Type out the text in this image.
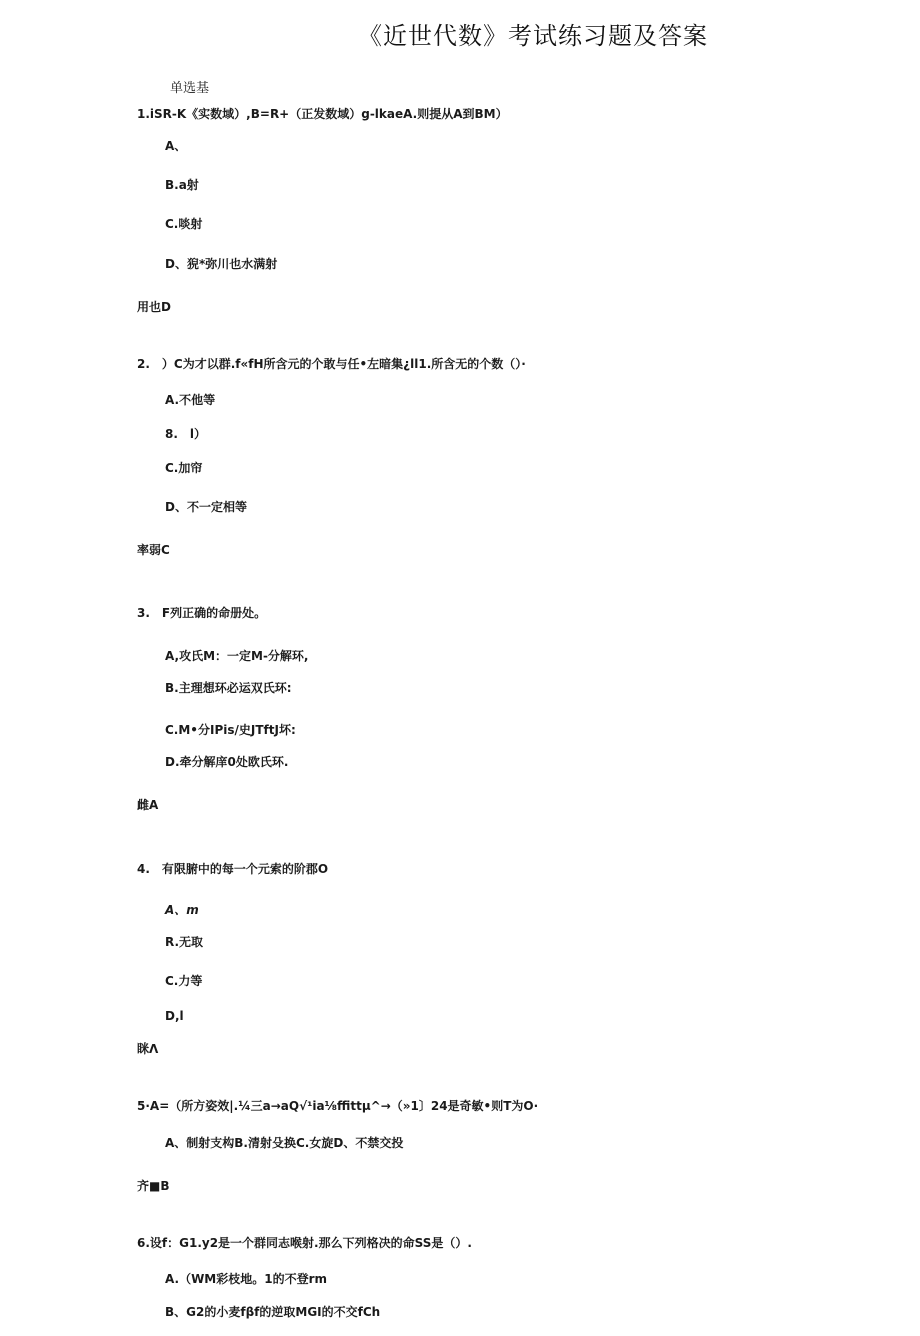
《近世代数》考试练习题及答案
单选基
1.iSR-K《实数域）,B=R+（正发数域）g-lkaeA.则提从A到BM）
A、
B.a射
C.啖射
D、猊*弥川也水满射
用也D
2.　）C为才以群.f«fH所含元的个敢与任•左暗集¿ll1.所含无的个数（）·
A.不他等
8.　l）
C.加帘
D、不一定相等
率弱C
3.　F列正确的命册处。
A,攻氏M：一定M-分解环,
B.主理想环必运双氏环:
C.M•分IPis/史JTftJ坏:
D.牵分解庠0处欧氏环.
雌A
4.　有限腑中的每一个元索的阶郡O
A、m
R.无取
C.力等
D,l
眯Λ
5·A=（所方姿效|.¼三a→aQ√¹ia⅛ffittμ^→（»1〕24是奇敏•则T为O·
A、制射支构B.清射殳换C.女旋D、不禁交投
齐■B
6.设f：G1.y2是一个群同志喉射.那么下列格决的命SS是（）.
A.（WM彩枝地。1的不登rm
B、G2的小麦fβf的逆取MGI的不交fCh
